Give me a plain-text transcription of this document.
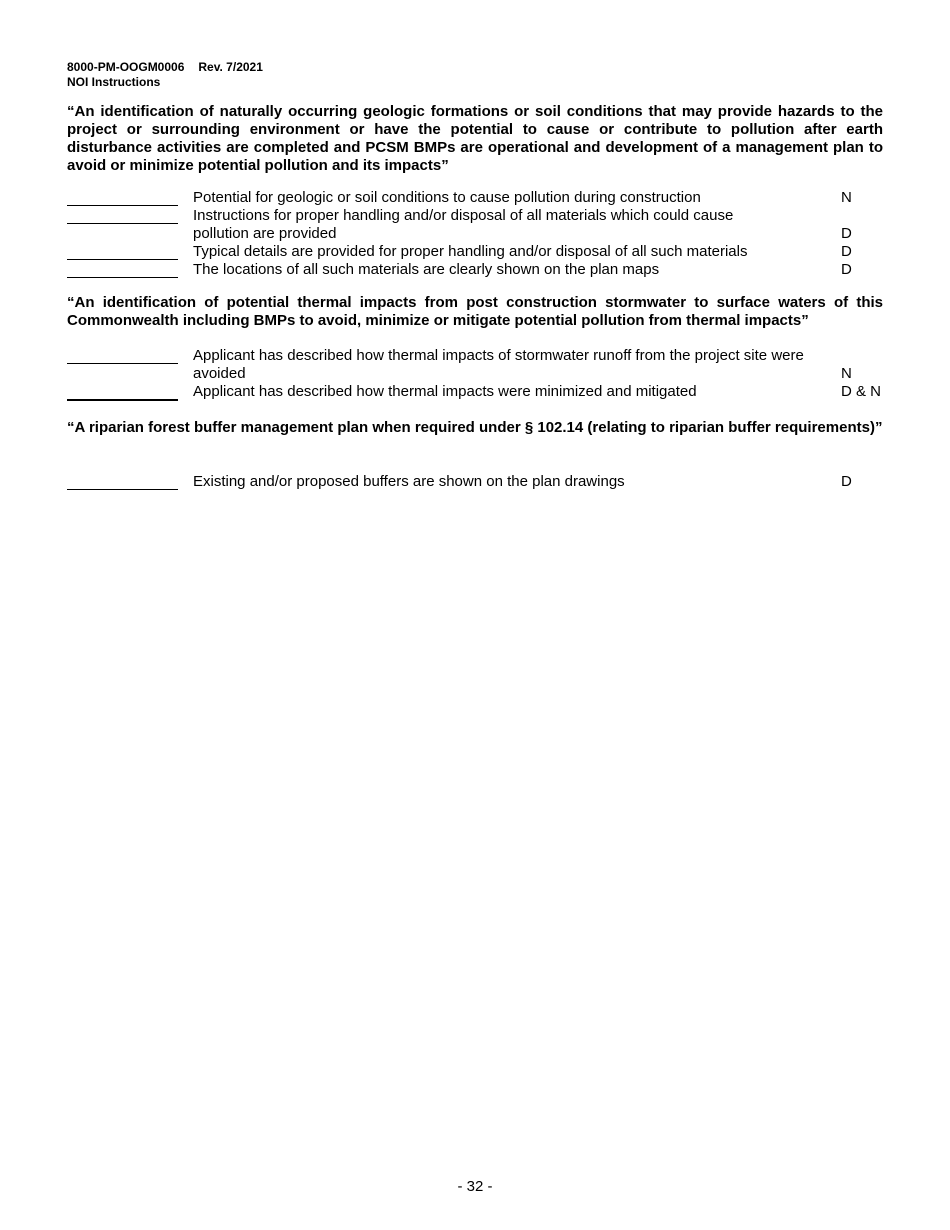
8000-PM-OOGM0006 Rev. 7/2021
NOI Instructions

“An identification of naturally occurring geologic formations or soil conditions that may provide hazards to the project or surrounding environment or have the potential to cause or contribute to pollution after earth disturbance activities are completed and PCSM BMPs are operational and development of a management plan to avoid or minimize potential pollution and its impacts”

Potential for geologic or soil conditions to cause pollution during construction	N
Instructions for proper handling and/or disposal of all materials which could cause pollution are provided	D
Typical details are provided for proper handling and/or disposal of all such materials	D
The locations of all such materials are clearly shown on the plan maps	D

“An identification of potential thermal impacts from post construction stormwater to surface waters of this Commonwealth including BMPs to avoid, minimize or mitigate potential pollution from thermal impacts”

Applicant has described how thermal impacts of stormwater runoff from the project site were avoided	N
Applicant has described how thermal impacts were minimized and mitigated	D & N

“A riparian forest buffer management plan when required under § 102.14 (relating to riparian buffer requirements)”

Existing and/or proposed buffers are shown on the plan drawings	D
- 32 -
